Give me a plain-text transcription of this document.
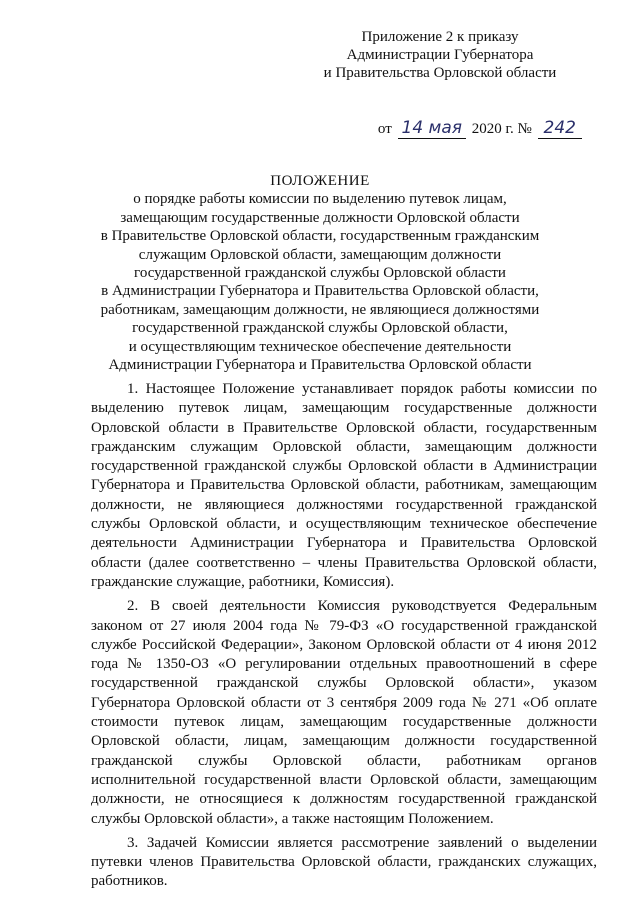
Приложение 2 к приказу
Администрации Губернатора
и Правительства Орловской области
от 14 мая 2020 г. № 242
ПОЛОЖЕНИЕ
о порядке работы комиссии по выделению путевок лицам,
замещающим государственные должности Орловской области
в Правительстве Орловской области, государственным гражданским
служащим Орловской области, замещающим должности
государственной гражданской службы Орловской области
в Администрации Губернатора и Правительства Орловской области,
работникам, замещающим должности, не являющиеся должностями
государственной гражданской службы Орловской области,
и осуществляющим техническое обеспечение деятельности
Администрации Губернатора и Правительства Орловской области

1. Настоящее Положение устанавливает порядок работы комиссии по выделению путевок лицам, замещающим государственные должности Орловской области в Правительстве Орловской области, государственным гражданским служащим Орловской области, замещающим должности государственной гражданской службы Орловской области в Администрации Губернатора и Правительства Орловской области, работникам, замещающим должности, не являющиеся должностями государственной гражданской службы Орловской области, и осуществляющим техническое обеспечение деятельности Администрации Губернатора и Правительства Орловской области (далее соответственно – члены Правительства Орловской области, гражданские служащие, работники, Комиссия).

2. В своей деятельности Комиссия руководствуется Федеральным законом от 27 июля 2004 года № 79-ФЗ «О государственной гражданской службе Российской Федерации», Законом Орловской области от 4 июня 2012 года № 1350-ОЗ «О регулировании отдельных правоотношений в сфере государственной гражданской службы Орловской области», указом Губернатора Орловской области от 3 сентября 2009 года № 271 «Об оплате стоимости путевок лицам, замещающим государственные должности Орловской области, лицам, замещающим должности государственной гражданской службы Орловской области, работникам органов исполнительной государственной власти Орловской области, замещающим должности, не относящиеся к должностям государственной гражданской службы Орловской области», а также настоящим Положением.

3. Задачей Комиссии является рассмотрение заявлений о выделении путевки членов Правительства Орловской области, гражданских служащих, работников.
